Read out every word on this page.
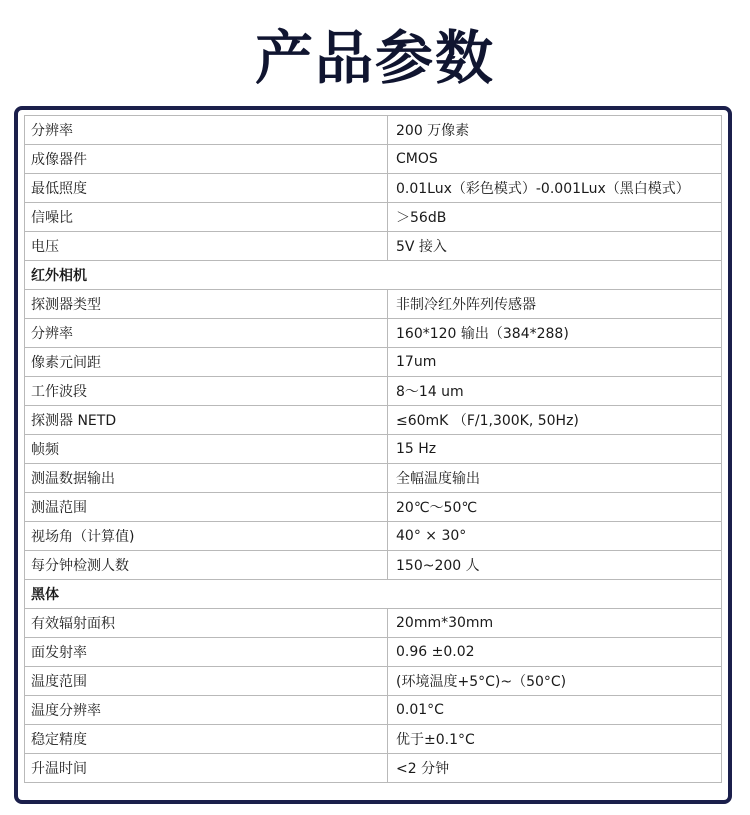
产品参数
分辨率	200 万像素
成像器件	CMOS
最低照度	0.01Lux（彩色模式）-0.001Lux（黑白模式）
信噪比	＞56dB
电压	5V 接入
红外相机	
探测器类型	非制冷红外阵列传感器
分辨率	160*120 输出（384*288)
像素元间距	17um
工作波段	8～14 um
探测器 NETD	≤60mK （F/1,300K, 50Hz)
帧频	15 Hz
测温数据输出	全幅温度输出
测温范围	20℃～50℃
视场角（计算值)	40° × 30°
每分钟检测人数	150~200 人
黑体	
有效辐射面积	20mm*30mm
面发射率	0.96 ±0.02
温度范围	(环境温度+5°C)~（50°C)
温度分辨率	0.01°C
稳定精度	优于±0.1°C
升温时间	<2 分钟
